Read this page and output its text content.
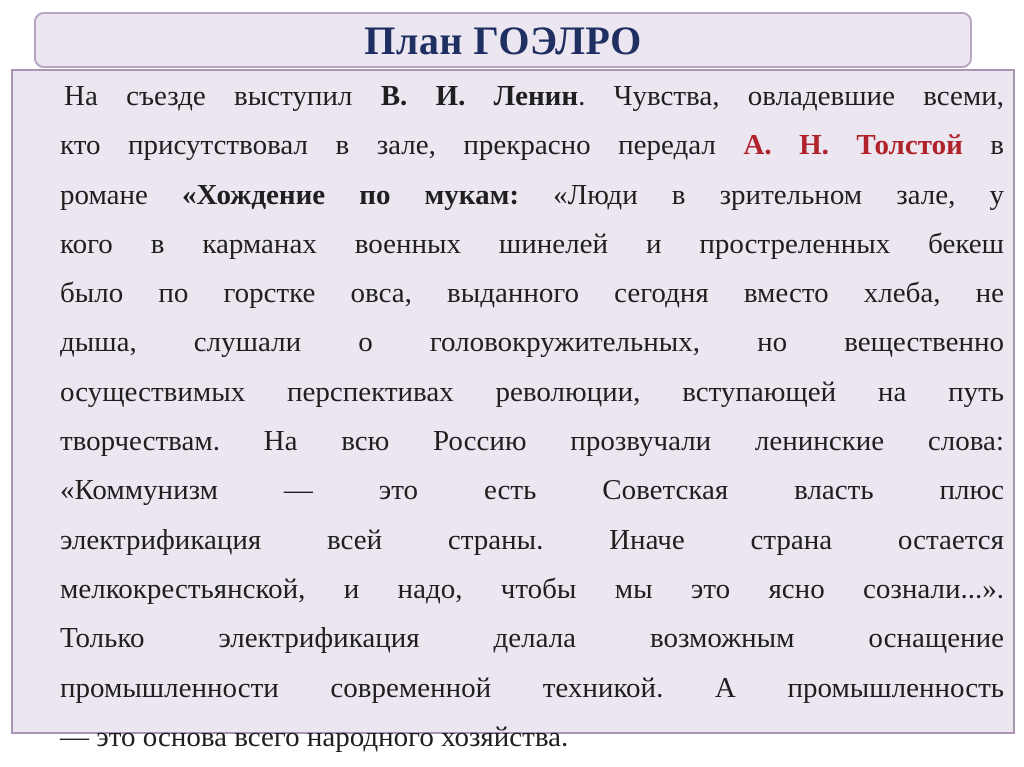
План ГОЭЛРО

На съезде выступил В. И. Ленин. Чувства, овладевшие всеми,
кто присутствовал в зале, прекрасно передал А. Н. Толстой в
романе «Хождение по мукам: «Люди в зрительном зале, у
кого в карманах военных шинелей и простреленных бекеш
было по горстке овса, выданного сегодня вместо хлеба, не
дыша, слушали о головокружительных, но вещественно
осуществимых перспективах революции, вступающей на путь
творчествам. На всю Россию прозвучали ленинские слова:
«Коммунизм — это есть Советская власть плюс
электрификация всей страны. Иначе страна остается
мелкокрестьянской, и надо, чтобы мы это ясно сознали...».
Только электрификация делала возможным оснащение
промышленности современной техникой. А промышленность
— это основа всего народного хозяйства.
